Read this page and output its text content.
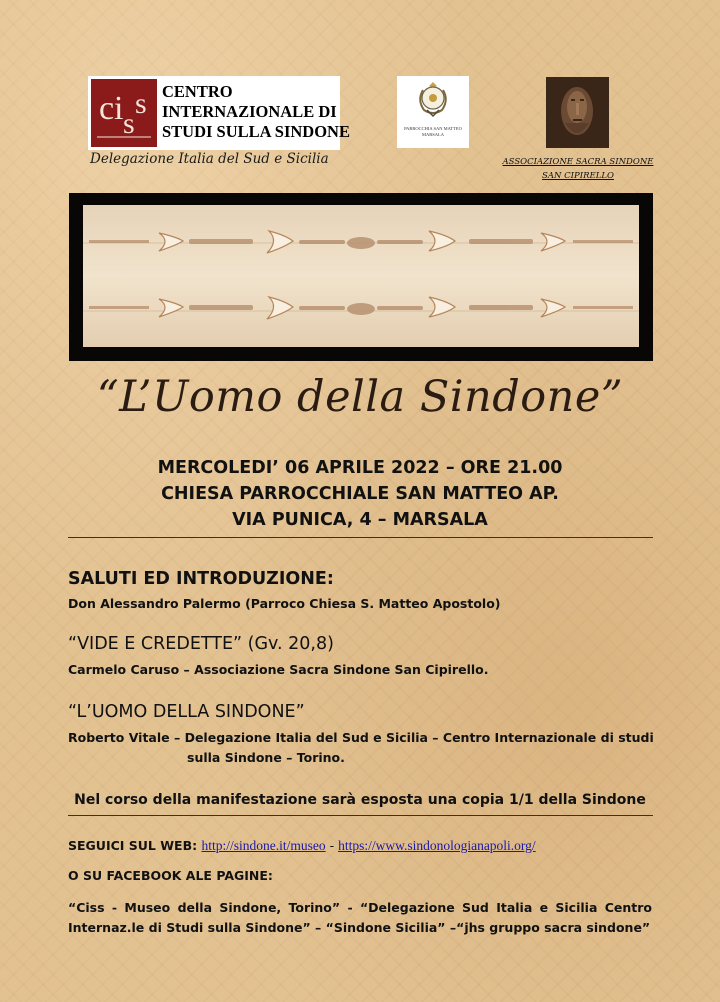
c i s
s CENTRO
INTERNAZIONALE DI
STUDI SULLA SINDONE
Delegazione Italia del Sud e Sicilia
PARROCCHIA SAN MATTEO
MARSALA
ASSOCIAZIONE SACRA SINDONE
SAN CIPIRELLO
“L’Uomo della Sindone”
MERCOLEDI’ 06 APRILE 2022 – ORE 21.00
CHIESA PARROCCHIALE SAN MATTEO AP.
VIA PUNICA, 4 – MARSALA
SALUTI ED INTRODUZIONE:
Don Alessandro Palermo (Parroco Chiesa S. Matteo Apostolo)
“VIDE E CREDETTE” (Gv. 20,8)
Carmelo Caruso – Associazione Sacra Sindone San Cipirello.
“L’UOMO DELLA SINDONE”
Roberto Vitale – Delegazione Italia del Sud e Sicilia – Centro Internazionale di studi
sulla Sindone – Torino.
Nel corso della manifestazione sarà esposta una copia 1/1 della Sindone
SEGUICI SUL WEB: http://sindone.it/museo - https://www.sindonologianapoli.org/
O SU FACEBOOK ALE PAGINE:
“Ciss - Museo della Sindone, Torino” - “Delegazione Sud Italia e Sicilia Centro Internaz.le di Studi sulla Sindone” – “Sindone Sicilia” –“jhs gruppo sacra sindone”
